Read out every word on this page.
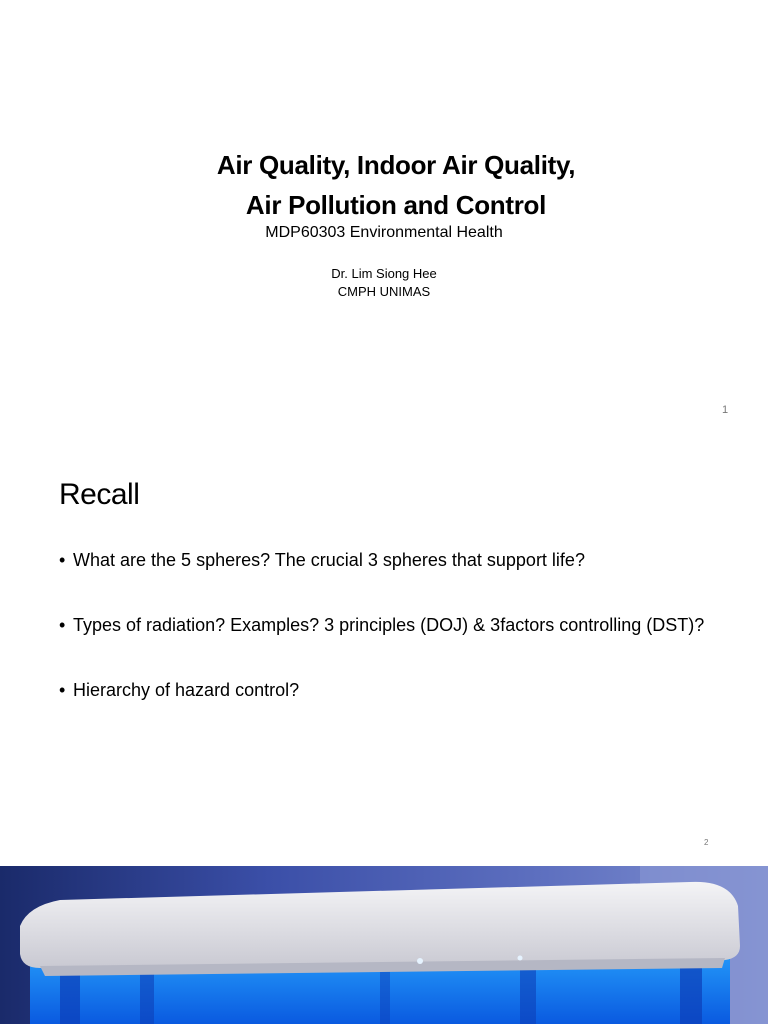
Air Quality, Indoor Air Quality,
Air Pollution and Control
MDP60303 Environmental Health
Dr. Lim Siong Hee
CMPH UNIMAS
1
Recall
• What are the 5 spheres? The crucial 3 spheres that support life?
• Types of radiation? Examples? 3 principles (DOJ) & 3factors controlling (DST)?
• Hierarchy of hazard control?
2
